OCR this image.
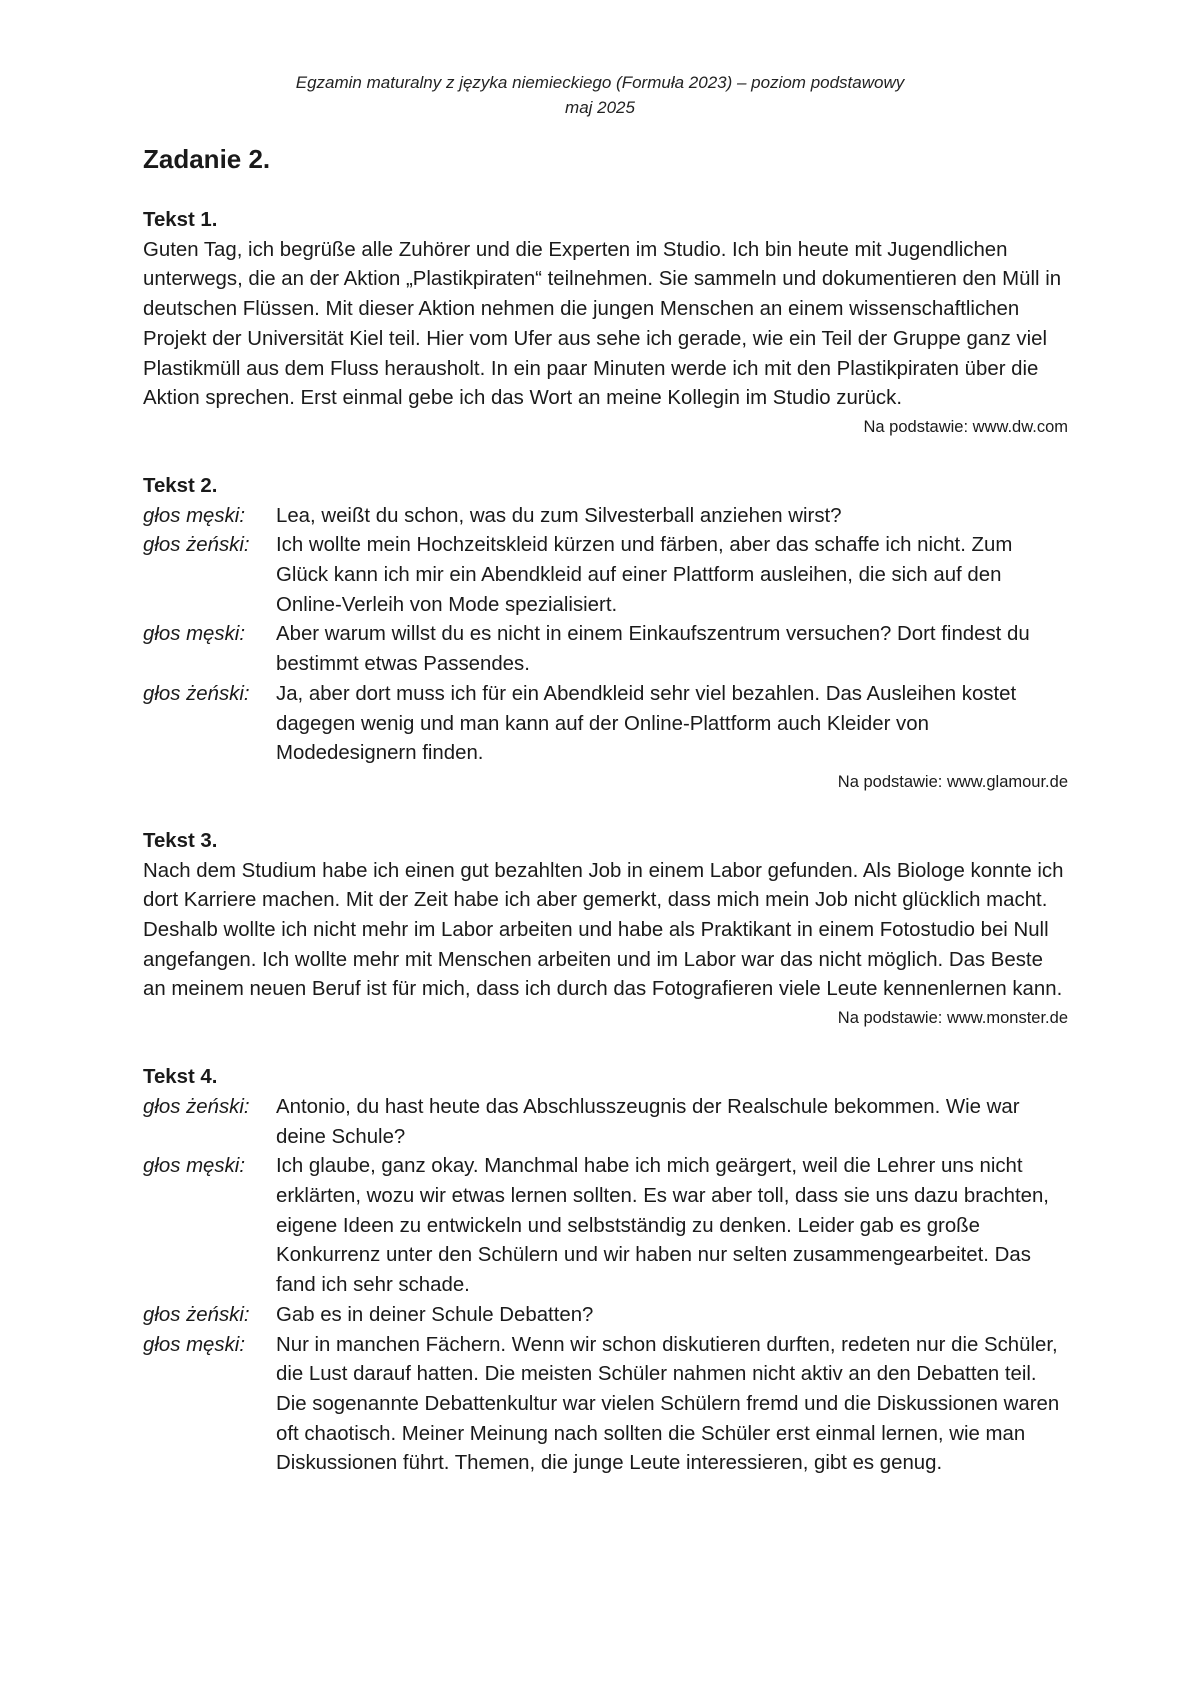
Egzamin maturalny z języka niemieckiego (Formuła 2023) – poziom podstawowy
maj 2025
Zadanie 2.
Tekst 1.

Guten Tag, ich begrüße alle Zuhörer und die Experten im Studio. Ich bin heute mit Jugendlichen unterwegs, die an der Aktion „Plastikpiraten“ teilnehmen. Sie sammeln und dokumentieren den Müll in deutschen Flüssen. Mit dieser Aktion nehmen die jungen Menschen an einem wissenschaftlichen Projekt der Universität Kiel teil. Hier vom Ufer aus sehe ich gerade, wie ein Teil der Gruppe ganz viel Plastikmüll aus dem Fluss herausholt. In ein paar Minuten werde ich mit den Plastikpiraten über die Aktion sprechen. Erst einmal gebe ich das Wort an meine Kollegin im Studio zurück.

Na podstawie: www.dw.com
Tekst 2.
głos męski:	Lea, weißt du schon, was du zum Silvesterball anziehen wirst?
głos żeński:	Ich wollte mein Hochzeitskleid kürzen und färben, aber das schaffe ich nicht. Zum Glück kann ich mir ein Abendkleid auf einer Plattform ausleihen, die sich auf den Online-Verleih von Mode spezialisiert.
głos męski:	Aber warum willst du es nicht in einem Einkaufszentrum versuchen? Dort findest du bestimmt etwas Passendes.
głos żeński:	Ja, aber dort muss ich für ein Abendkleid sehr viel bezahlen. Das Ausleihen kostet dagegen wenig und man kann auf der Online-Plattform auch Kleider von Modedesignern finden.
Na podstawie: www.glamour.de
Tekst 3.

Nach dem Studium habe ich einen gut bezahlten Job in einem Labor gefunden. Als Biologe konnte ich dort Karriere machen. Mit der Zeit habe ich aber gemerkt, dass mich mein Job nicht glücklich macht. Deshalb wollte ich nicht mehr im Labor arbeiten und habe als Praktikant in einem Fotostudio bei Null angefangen. Ich wollte mehr mit Menschen arbeiten und im Labor war das nicht möglich. Das Beste an meinem neuen Beruf ist für mich, dass ich durch das Fotografieren viele Leute kennenlernen kann.

Na podstawie: www.monster.de
Tekst 4.
głos żeński:	Antonio, du hast heute das Abschlusszeugnis der Realschule bekommen. Wie war deine Schule?
głos męski:	Ich glaube, ganz okay. Manchmal habe ich mich geärgert, weil die Lehrer uns nicht erklärten, wozu wir etwas lernen sollten. Es war aber toll, dass sie uns dazu brachten, eigene Ideen zu entwickeln und selbstständig zu denken. Leider gab es große Konkurrenz unter den Schülern und wir haben nur selten zusammengearbeitet. Das fand ich sehr schade.
głos żeński:	Gab es in deiner Schule Debatten?
głos męski:	Nur in manchen Fächern. Wenn wir schon diskutieren durften, redeten nur die Schüler, die Lust darauf hatten. Die meisten Schüler nahmen nicht aktiv an den Debatten teil. Die sogenannte Debattenkultur war vielen Schülern fremd und die Diskussionen waren oft chaotisch. Meiner Meinung nach sollten die Schüler erst einmal lernen, wie man Diskussionen führt. Themen, die junge Leute interessieren, gibt es genug.
